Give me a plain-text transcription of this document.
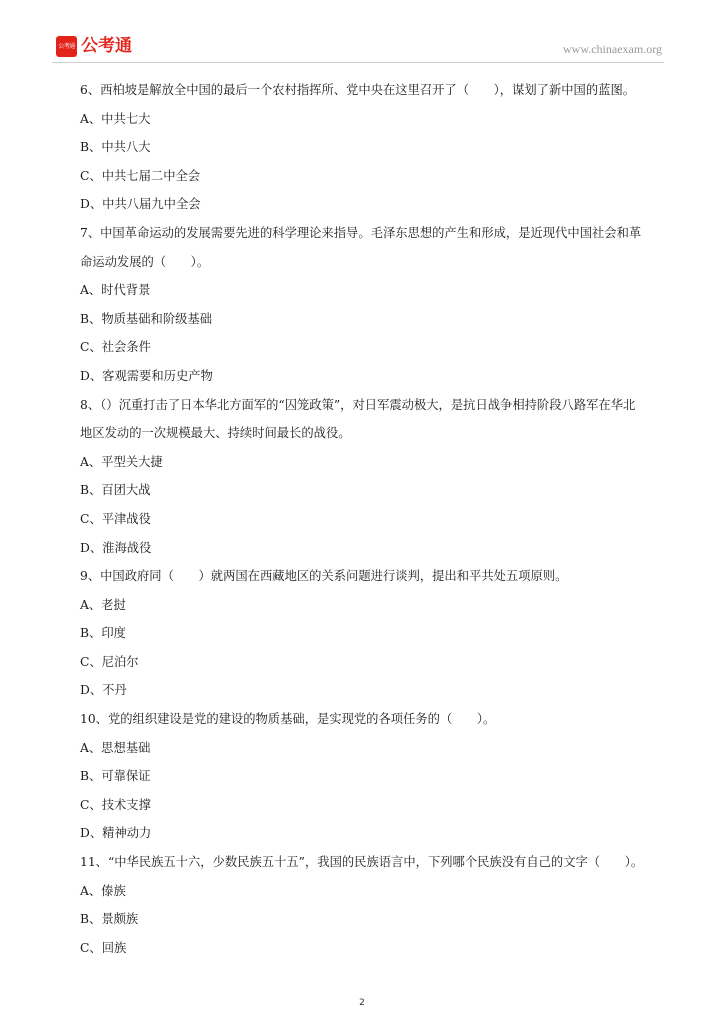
公考通 公考通	www.chinaexam.org
6、西柏坡是解放全中国的最后一个农村指挥所、党中央在这里召开了（　　），谋划了新中国的蓝图。
A、中共七大
B、中共八大
C、中共七届二中全会
D、中共八届九中全会
7、中国革命运动的发展需要先进的科学理论来指导。毛泽东思想的产生和形成，是近现代中国社会和革
命运动发展的（　　）。
A、时代背景
B、物质基础和阶级基础
C、社会条件
D、客观需要和历史产物
8、（）沉重打击了日本华北方面军的“囚笼政策”，对日军震动极大，是抗日战争相持阶段八路军在华北
地区发动的一次规模最大、持续时间最长的战役。
A、平型关大捷
B、百团大战
C、平津战役
D、淮海战役
9、中国政府同（　　）就两国在西藏地区的关系问题进行谈判，提出和平共处五项原则。
A、老挝
B、印度
C、尼泊尔
D、不丹
10、党的组织建设是党的建设的物质基础，是实现党的各项任务的（　　）。
A、思想基础
B、可靠保证
C、技术支撑
D、精神动力
11、“中华民族五十六，少数民族五十五”，我国的民族语言中，下列哪个民族没有自己的文字（　　）。
A、傣族
B、景颇族
C、回族
2
